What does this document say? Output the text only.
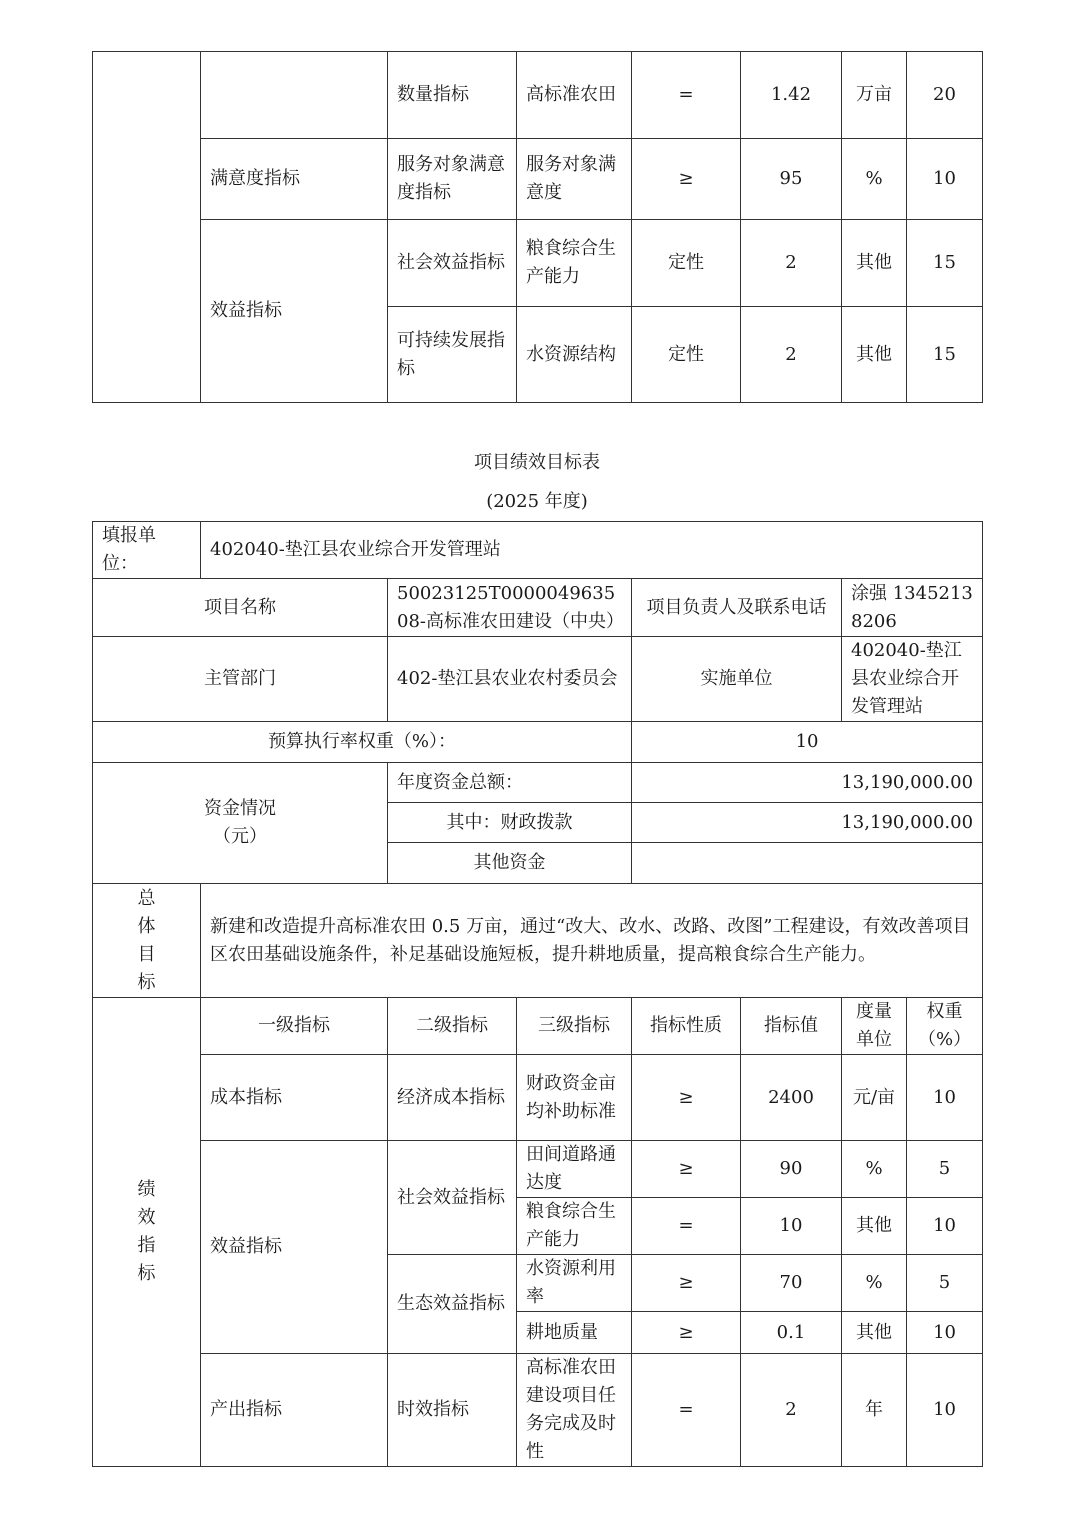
		数量指标	高标准农田	=	1.42	万亩	20
	满意度指标	服务对象满意度指标	服务对象满意度	≥	95	%	10
	效益指标	社会效益指标	粮食综合生产能力	定性	2	其他	15
		可持续发展指标	水资源结构	定性	2	其他	15
项目绩效目标表
(2025 年度)
填报单位：	402040-垫江县农业综合开发管理站						
项目名称		50023125T000004963508-高标准农田建设（中央）		项目负责人及联系电话		涂强 13452138206	
主管部门		402-垫江县农业农村委员会		实施单位		402040-垫江县农业综合开发管理站	
预算执行率权重（%）：				10			

资金情况
（元）		年度资金总额：		13,190,000.00			
		其中：财政拨款		13,190,000.00			
		其他资金					

总
体
目
标	新建和改造提升高标准农田 0.5 万亩，通过“改大、改水、改路、改图”工程建设，有效改善项目区农田基础设施条件，补足基础设施短板，提升耕地质量，提高粮食综合生产能力。						

绩
效
指
标	一级指标	二级指标	三级指标	指标性质	指标值	度量单位	权重（%）
	成本指标	经济成本指标	财政资金亩均补助标准	≥	2400	元/亩	10
	效益指标	社会效益指标	田间道路通达度	≥	90	%	5
			粮食综合生产能力	=	10	其他	10
		生态效益指标	水资源利用率	≥	70	%	5
			耕地质量	≥	0.1	其他	10
	产出指标	时效指标	高标准农田建设项目任务完成及时性	=	2	年	10
